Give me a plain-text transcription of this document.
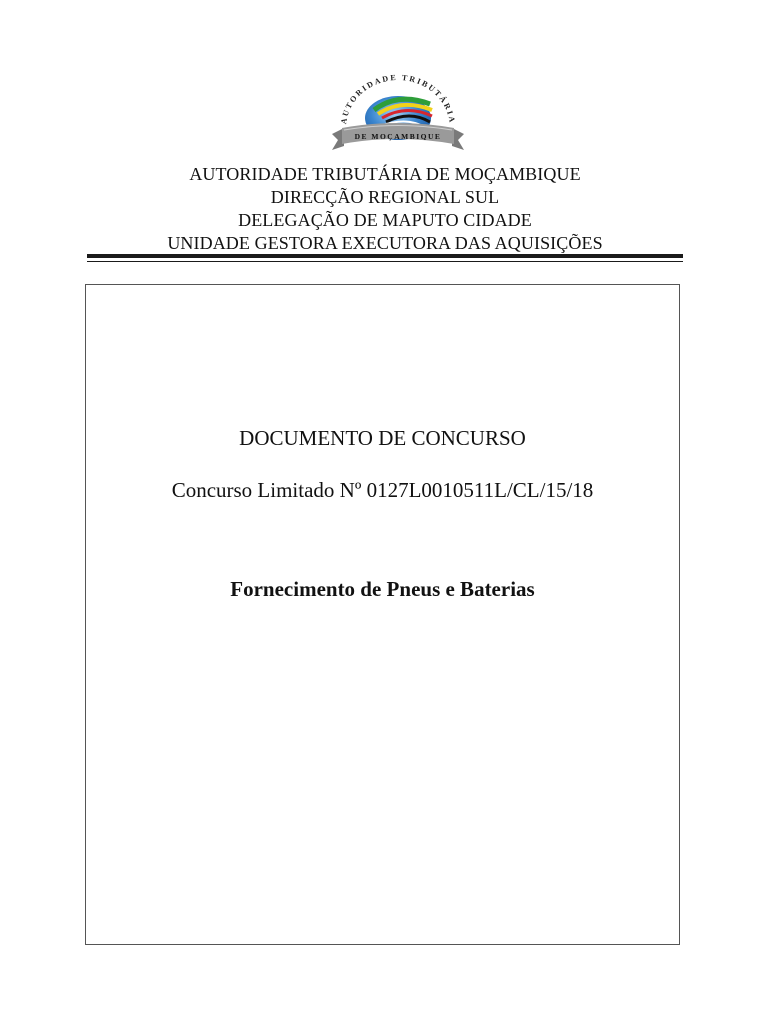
AUTORIDADE TRIBUTÁRIA
DE MOÇAMBIQUE
AUTORIDADE TRIBUTÁRIA DE MOÇAMBIQUE
DIRECÇÃO REGIONAL SUL
DELEGAÇÃO DE MAPUTO CIDADE
UNIDADE GESTORA EXECUTORA DAS AQUISIÇÕES
DOCUMENTO DE CONCURSO
Concurso Limitado Nº 0127L0010511L/CL/15/18
Fornecimento de Pneus e Baterias
